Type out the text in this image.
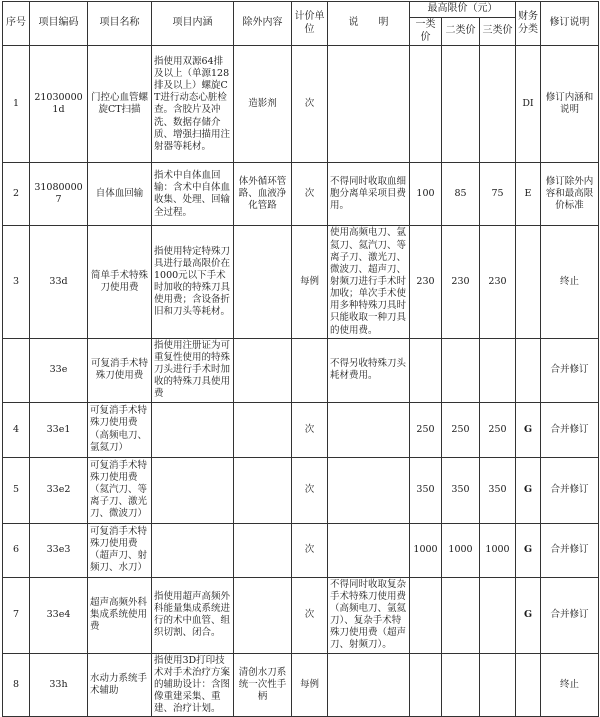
序号	项目编码	项目名称	项目内涵	除外内容	计价单位	说　　明	最高限价（元）			财务分类	修订说明
							一类价	二类价	三类价		
1	210300001d	门控心血管螺旋CT扫描	指使用双源64排及以上（单源128排及以上）螺旋CT进行动态心脏检查。含胶片及冲洗、数据存储介质、增强扫描用注射器等耗材。	造影剂	次					DI	修订内涵和说明
2	310800007	自体血回输	指术中自体血回输：含术中自体血收集、处理、回输全过程。	体外循环管路、血液净化管路	次	不得同时收取血细胞分离单采项目费用。	100	85	75	E	修订除外内容和最高限价标准
3	33d	简单手术特殊刀使用费	指使用特定特殊刀具进行最高限价在1000元以下手术时加收的特殊刀具使用费；含设备折旧和刀头等耗材。		每例	使用高频电刀、氩氦刀、氦汽刀、等离子刀、激光刀、微波刀、超声刀、射频刀进行手术时加收；单次手术使用多种特殊刀具时只能收取一种刀具的使用费。	230	230	230		终止
	33e	可复消手术特殊刀使用费	指使用注册证为可重复性使用的特殊刀头进行手术时加收的特殊刀具使用费			不得另收特殊刀头耗材费用。					合并修订
4	33e1	可复消手术特殊刀使用费（高频电刀、氩氦刀）			次		250	250	250	G	合并修订
5	33e2	可复消手术特殊刀使用费（氦汽刀、等离子刀、激光刀、微波刀）			次		350	350	350	G	合并修订
6	33e3	可复消手术特殊刀使用费（超声刀、射频刀、水刀）			次		1000	1000	1000	G	合并修订
7	33e4	超声高频外科集成系统使用费	指使用超声高频外科能量集成系统进行的术中血管、组织切割、闭合。		次	不得同时收取复杂手术特殊刀使用费（高频电刀、氩氦刀）、复杂手术特殊刀使用费（超声刀、射频刀）。				G	合并修订
8	33h	水动力系统手术辅助	指使用3D打印技术对手术治疗方案的辅助设计：含图像重建采集、重建、治疗计划。	清创水刀系统一次性手柄	每例						终止
